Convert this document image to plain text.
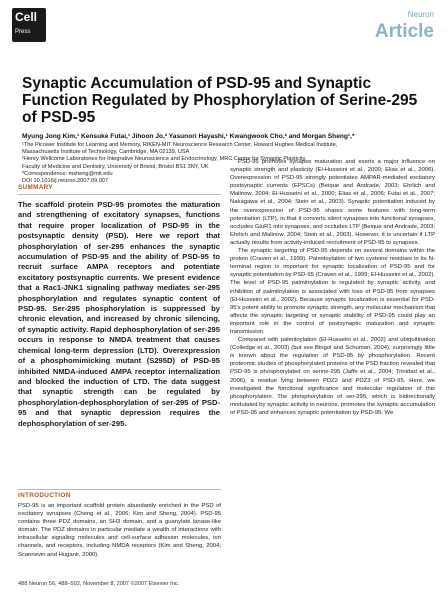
Cell
Press
Neuron
Article
Synaptic Accumulation of PSD-95 and Synaptic Function Regulated by Phosphorylation of Serine-295 of PSD-95
Myung Jong Kim,¹ Kensuke Futai,¹ Jihoon Jo,² Yasunori Hayashi,¹ Kwangwook Cho,² and Morgan Sheng¹,*
¹The Picower Institute for Learning and Memory, RIKEN-MIT Neuroscience Research Center, Howard Hughes Medical Institute,
Massachusetts Institute of Technology, Cambridge, MA 02139, USA
²Henry Wellcome Laboratories for Integrative Neuroscience and Endocrinology, MRC Centre for Synaptic Plasticity,
Faculty of Medicine and Dentistry, University of Bristol, Bristol BS1 3NY, UK
*Correspondence: msheng@mit.edu
DOI 10.1016/j.neuron.2007.09.007
SUMMARY
The scaffold protein PSD-95 promotes the maturation and strengthening of excitatory synapses, functions that require proper localization of PSD-95 in the postsynaptic density (PSD). Here we report that phosphorylation of ser-295 enhances the synaptic accumulation of PSD-95 and the ability of PSD-95 to recruit surface AMPA receptors and potentiate excitatory postsynaptic currents. We present evidence that a Rac1-JNK1 signaling pathway mediates ser-295 phosphorylation and regulates synaptic content of PSD-95. Ser-295 phosphorylation is suppressed by chronic elevation, and increased by chronic silencing, of synaptic activity. Rapid dephosphorylation of ser-295 occurs in response to NMDA treatment that causes chemical long-term depression (LTD). Overexpression of a phosphomimicking mutant (S295D) of PSD-95 inhibited NMDA-induced AMPA receptor internalization and blocked the induction of LTD. The data suggest that synaptic strength can be regulated by phosphorylation-dephosphorylation of ser-295 of PSD-95 and that synaptic depression requires the dephosphorylation of ser-295.
INTRODUCTION
PSD-95 is an important scaffold protein abundantly enriched in the PSD of excitatory synapses (Cheng et al., 2006; Kim and Sheng, 2004). PSD-95 contains three PDZ domains, an SH3 domain, and a guanylate kinase-like domain. The PDZ domains in particular mediate a wealth of interactions with intracellular signaling molecules and cell-surface adhesion molecules, ion channels, and receptors, including NMDA receptors (Kim and Sheng, 2004; Scannevin and Huganir, 2000).

PSD-95 promotes synapse maturation and exerts a major influence on synaptic strength and plasticity (El-Husseini et al., 2000; Elias et al., 2006). Overexpression of PSD-95 strongly potentiates AMPAR-mediated excitatory postsynaptic currents (EPSCs) (Beique and Andrade, 2003; Ehrlich and Malinow, 2004; El-Husseini et al., 2000; Elias et al., 2006; Futai et al., 2007; Nakagawa et al., 2004; Stein et al., 2003). Synaptic potentiation induced by the overexpression of PSD-95 shares some features with long-term potentiation (LTP), in that it converts silent synapses into functional synapses, occludes GluR1 into synapses, and occludes LTP (Beique and Andrade, 2003; Ehrlich and Malinow, 2004; Stein et al., 2003). However, it is uncertain if LTP actually results from activity-induced recruitment of PSD-95 to synapses.

The synaptic targeting of PSD-95 depends on several domains within the protein (Craven et al., 1999). Palmitoylation of two cysteine residues in its N-terminal region is important for synaptic localization of PSD-95 and for synaptic potentiation by PSD-95 (Craven et al., 1999; El-Husseini et al., 2002). The level of PSD-95 palmitoylation is regulated by synaptic activity, and inhibition of palmitoylation is associated with loss of PSD-95 from synapses (El-Husseini et al., 2002). Because synaptic localization is essential for PSD-95's potent ability to promote synaptic strength, any molecular mechanism that affects the synaptic targeting or synaptic stability of PSD-95 could play an important role in the control of postsynaptic maturation and synaptic transmission.

Compared with palmitoylation (El-Husseini et al., 2002) and ubiquitination (Colledge et al., 2003) (but see Bingol and Schuman, 2004), surprisingly little is known about the regulation of PSD-95 by phosphorylation. Recent proteomic studies of phosphorylated proteins of the PSD fraction revealed that PSD-95 is phosphorylated on serine-295 (Jaffe et al., 2004; Trinidad et al., 2006), a residue lying between PDZ2 and PDZ3 of PSD-95. Here, we investigated the functional significance and molecular regulation of this phosphorylation. The phosphorylation of ser-295, which is bidirectionally modulated by synaptic activity in neurons, promotes the synaptic accumulation of PSD-95 and enhances synaptic potentiation by PSD-95. We

488 Neuron 56, 488–502, November 8, 2007 ©2007 Elsevier Inc.
